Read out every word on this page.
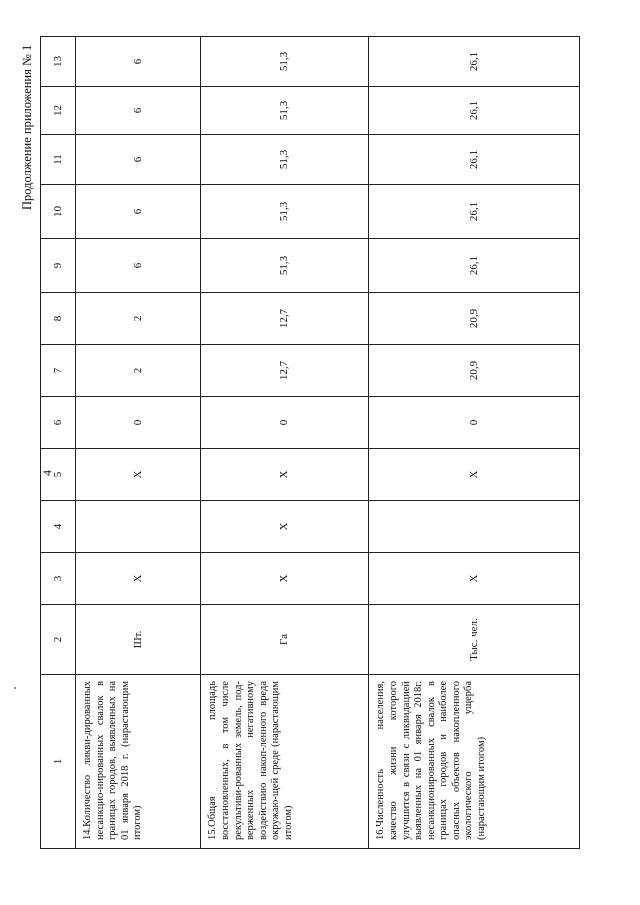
Продолжение приложения № 1
4
1	2	3	4	5	6	7	8	9	10	11	12	13
14.Количество ликви-дированных несанкцио-нированных свалок в границах городов, выявленных на 01 января 2018 г. (нарастающим итогом)	Шт.	Х		Х	0	2	2	6	6	6	6	6
15.Общая площадь восстановленных, в том числе рекультиви-рованных земель, под-верженных негативному воздействию накоп-ленного вреда окружаю-щей среде (нарастающим итогом)	Га	Х	Х	Х	0	12,7	12,7	51,3	51,3	51,3	51,3	51,3
16.Численность населения, качество жизни которого улучшится в связи с ликвидацией выявленных на 01 января 2018г. несанкционированных свалок в границах городов и наиболее опасных объектов накопленного экологического ущерба (нарастающим итогом)	Тыс. чел.	Х		Х	0	20,9	20,9	26,1	26,1	26,1	26,1	26,1
